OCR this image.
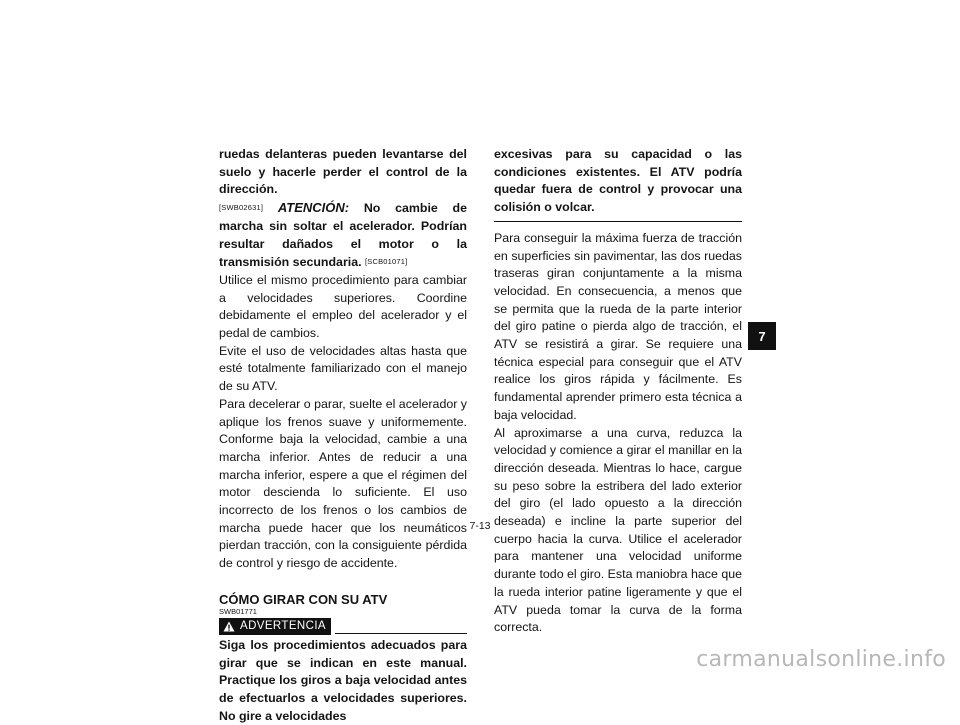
ruedas delanteras pueden levantarse del suelo y hacerle perder el control de la dirección.

[SWB02631] ATENCIÓN: No cambie de marcha sin soltar el acelerador. Podrían resultar dañados el motor o la transmisión secundaria. [SCB01071]

Utilice el mismo procedimiento para cambiar a velocidades superiores. Coordine debidamente el empleo del acelerador y el pedal de cambios.

Evite el uso de velocidades altas hasta que esté totalmente familiarizado con el manejo de su ATV.

Para decelerar o parar, suelte el acelerador y aplique los frenos suave y uniformemente. Conforme baja la velocidad, cambie a una marcha inferior. Antes de reducir a una marcha inferior, espere a que el régimen del motor descienda lo suficiente. El uso incorrecto de los frenos o los cambios de marcha puede hacer que los neumáticos pierdan tracción, con la consiguiente pérdida de control y riesgo de accidente.

CÓMO GIRAR CON SU ATV
SWB01771
ADVERTENCIA

Siga los procedimientos adecuados para girar que se indican en este manual. Practique los giros a baja velocidad antes de efectuarlos a velocidades superiores. No gire a velocidades

excesivas para su capacidad o las condiciones existentes. El ATV podría quedar fuera de control y provocar una colisión o volcar.

Para conseguir la máxima fuerza de tracción en superficies sin pavimentar, las dos ruedas traseras giran conjuntamente a la misma velocidad. En consecuencia, a menos que se permita que la rueda de la parte interior del giro patine o pierda algo de tracción, el ATV se resistirá a girar. Se requiere una técnica especial para conseguir que el ATV realice los giros rápida y fácilmente. Es fundamental aprender primero esta técnica a baja velocidad.

Al aproximarse a una curva, reduzca la velocidad y comience a girar el manillar en la dirección deseada. Mientras lo hace, cargue su peso sobre la estribera del lado exterior del giro (el lado opuesto a la dirección deseada) e incline la parte superior del cuerpo hacia la curva. Utilice el acelerador para mantener una velocidad uniforme durante todo el giro. Esta maniobra hace que la rueda interior patine ligeramente y que el ATV pueda tomar la curva de la forma correcta.

7-13
7
carmanualsonline.info
